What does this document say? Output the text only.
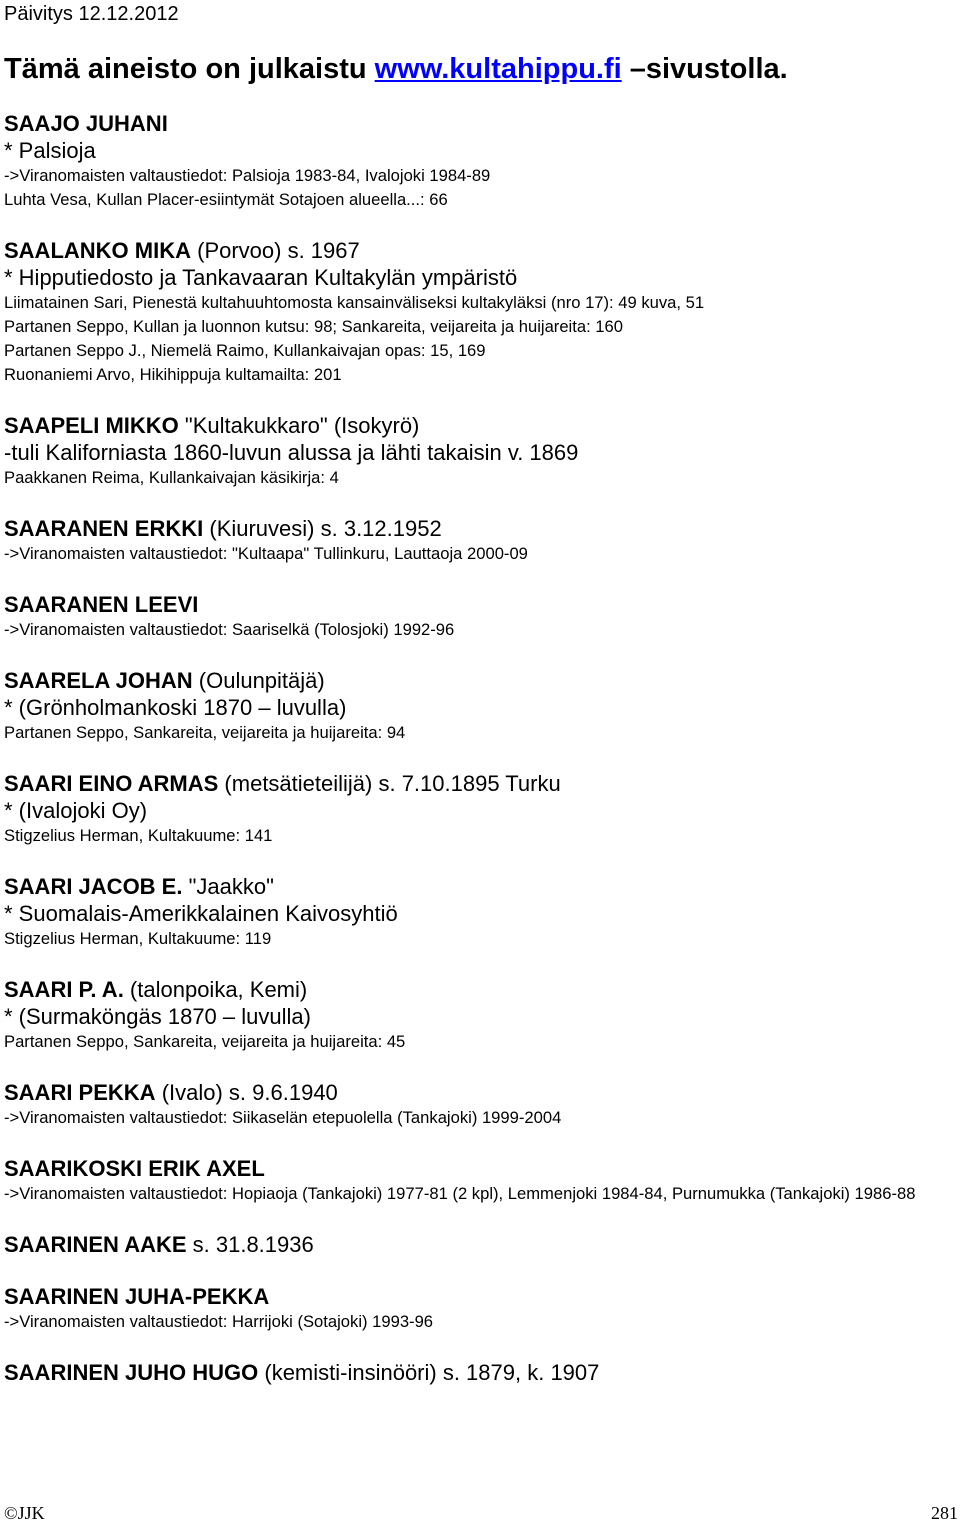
Päivitys 12.12.2012
Tämä aineisto on julkaistu www.kultahippu.fi –sivustolla.
SAAJO JUHANI
* Palsioja
->Viranomaisten valtaustiedot: Palsioja 1983-84, Ivalojoki 1984-89
Luhta Vesa, Kullan Placer-esiintymät Sotajoen alueella...: 66
SAALANKO MIKA (Porvoo) s. 1967
* Hipputiedosto ja Tankavaaran Kultakylän ympäristö
Liimatainen Sari, Pienestä kultahuuhtomosta kansainväliseksi kultakyläksi (nro 17): 49 kuva, 51
Partanen Seppo, Kullan ja luonnon kutsu: 98; Sankareita, veijareita ja huijareita: 160
Partanen Seppo J., Niemelä Raimo, Kullankaivajan opas: 15, 169
Ruonaniemi Arvo, Hikihippuja kultamailta: 201
SAAPELI MIKKO "Kultakukkaro" (Isokyrö)
-tuli Kaliforniasta 1860-luvun alussa ja lähti takaisin v. 1869
Paakkanen Reima, Kullankaivajan käsikirja: 4
SAARANEN ERKKI (Kiuruvesi) s. 3.12.1952
->Viranomaisten valtaustiedot: "Kultaapa" Tullinkuru, Lauttaoja 2000-09
SAARANEN LEEVI
->Viranomaisten valtaustiedot: Saariselkä (Tolosjoki) 1992-96
SAARELA JOHAN (Oulunpitäjä)
* (Grönholmankoski 1870 – luvulla)
Partanen Seppo, Sankareita, veijareita ja huijareita: 94
SAARI EINO ARMAS (metsätieteilijä) s. 7.10.1895 Turku
* (Ivalojoki Oy)
Stigzelius Herman, Kultakuume: 141
SAARI JACOB E. "Jaakko"
* Suomalais-Amerikkalainen Kaivosyhtiö
Stigzelius Herman, Kultakuume: 119
SAARI P. A. (talonpoika, Kemi)
* (Surmaköngäs 1870 – luvulla)
Partanen Seppo, Sankareita, veijareita ja huijareita: 45
SAARI PEKKA (Ivalo) s. 9.6.1940
->Viranomaisten valtaustiedot: Siikaselän etepuolella (Tankajoki) 1999-2004
SAARIKOSKI ERIK AXEL
->Viranomaisten valtaustiedot: Hopiaoja (Tankajoki) 1977-81 (2 kpl), Lemmenjoki 1984-84, Purnumukka (Tankajoki) 1986-88
SAARINEN AAKE s. 31.8.1936
SAARINEN JUHA-PEKKA
->Viranomaisten valtaustiedot: Harrijoki (Sotajoki) 1993-96
SAARINEN JUHO HUGO (kemisti-insinööri) s. 1879, k. 1907
©JJK	281
